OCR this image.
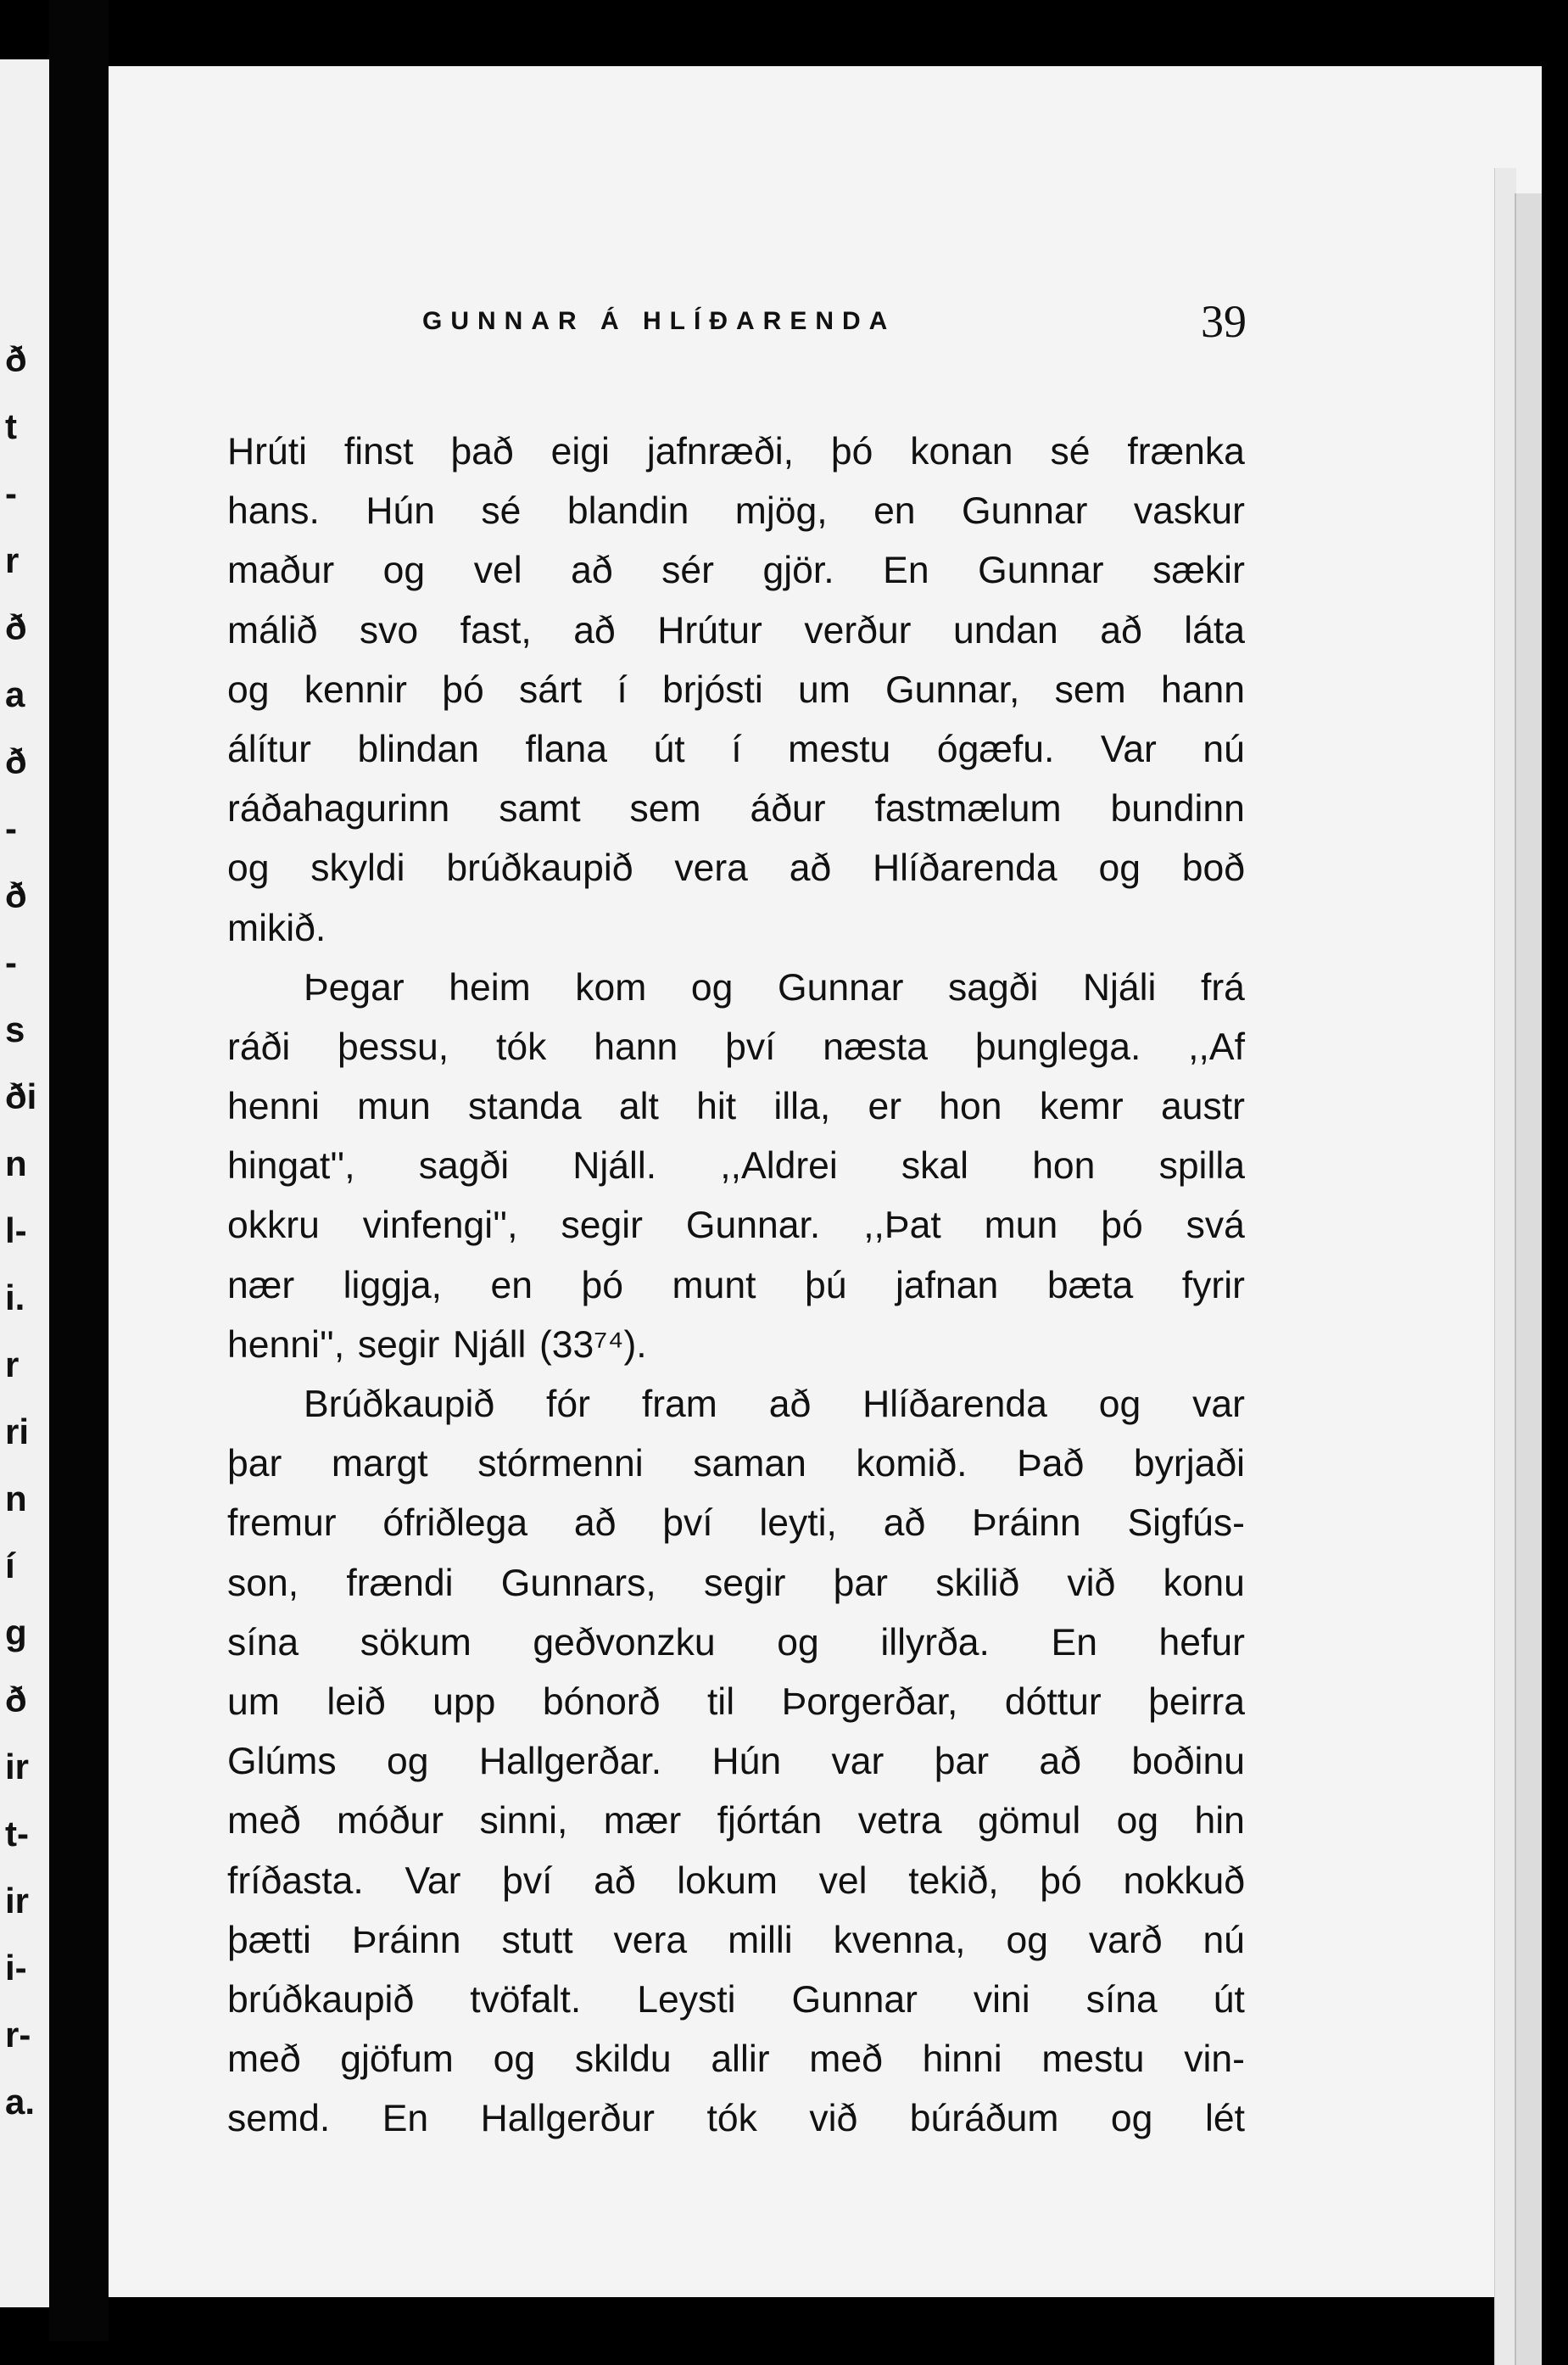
ð
t
-
r
ð
a
ð
-
ð
-
s
ði
n
l-
i.
r
ri
n
í
g
ð
ir
t-
ir
i-
r-
a.
GUNNAR Á HLÍÐARENDA	39
Hrúti finst það eigi jafnræði, þó konan sé frænka
hans. Hún sé blandin mjög, en Gunnar vaskur
maður og vel að sér gjör. En Gunnar sækir
málið svo fast, að Hrútur verður undan að láta
og kennir þó sárt í brjósti um Gunnar, sem hann
álítur blindan flana út í mestu ógæfu. Var nú
ráðahagurinn samt sem áður fastmælum bundinn
og skyldi brúðkaupið vera að Hlíðarenda og boð
mikið.
Þegar heim kom og Gunnar sagði Njáli frá
ráði þessu, tók hann því næsta þunglega. ,,Af
henni mun standa alt hit illa, er hon kemr austr
hingat'', sagði Njáll. ,,Aldrei skal hon spilla
okkru vinfengi'', segir Gunnar. ,,Þat mun þó svá
nær liggja, en þó munt þú jafnan bæta fyrir
henni'', segir Njáll (33⁷⁴).
Brúðkaupið fór fram að Hlíðarenda og var
þar margt stórmenni saman komið. Það byrjaði
fremur ófriðlega að því leyti, að Þráinn Sigfús-
son, frændi Gunnars, segir þar skilið við konu
sína sökum geðvonzku og illyrða. En hefur
um leið upp bónorð til Þorgerðar, dóttur þeirra
Glúms og Hallgerðar. Hún var þar að boðinu
með móður sinni, mær fjórtán vetra gömul og hin
fríðasta. Var því að lokum vel tekið, þó nokkuð
þætti Þráinn stutt vera milli kvenna, og varð nú
brúðkaupið tvöfalt. Leysti Gunnar vini sína út
með gjöfum og skildu allir með hinni mestu vin-
semd. En Hallgerður tók við búráðum og lét
